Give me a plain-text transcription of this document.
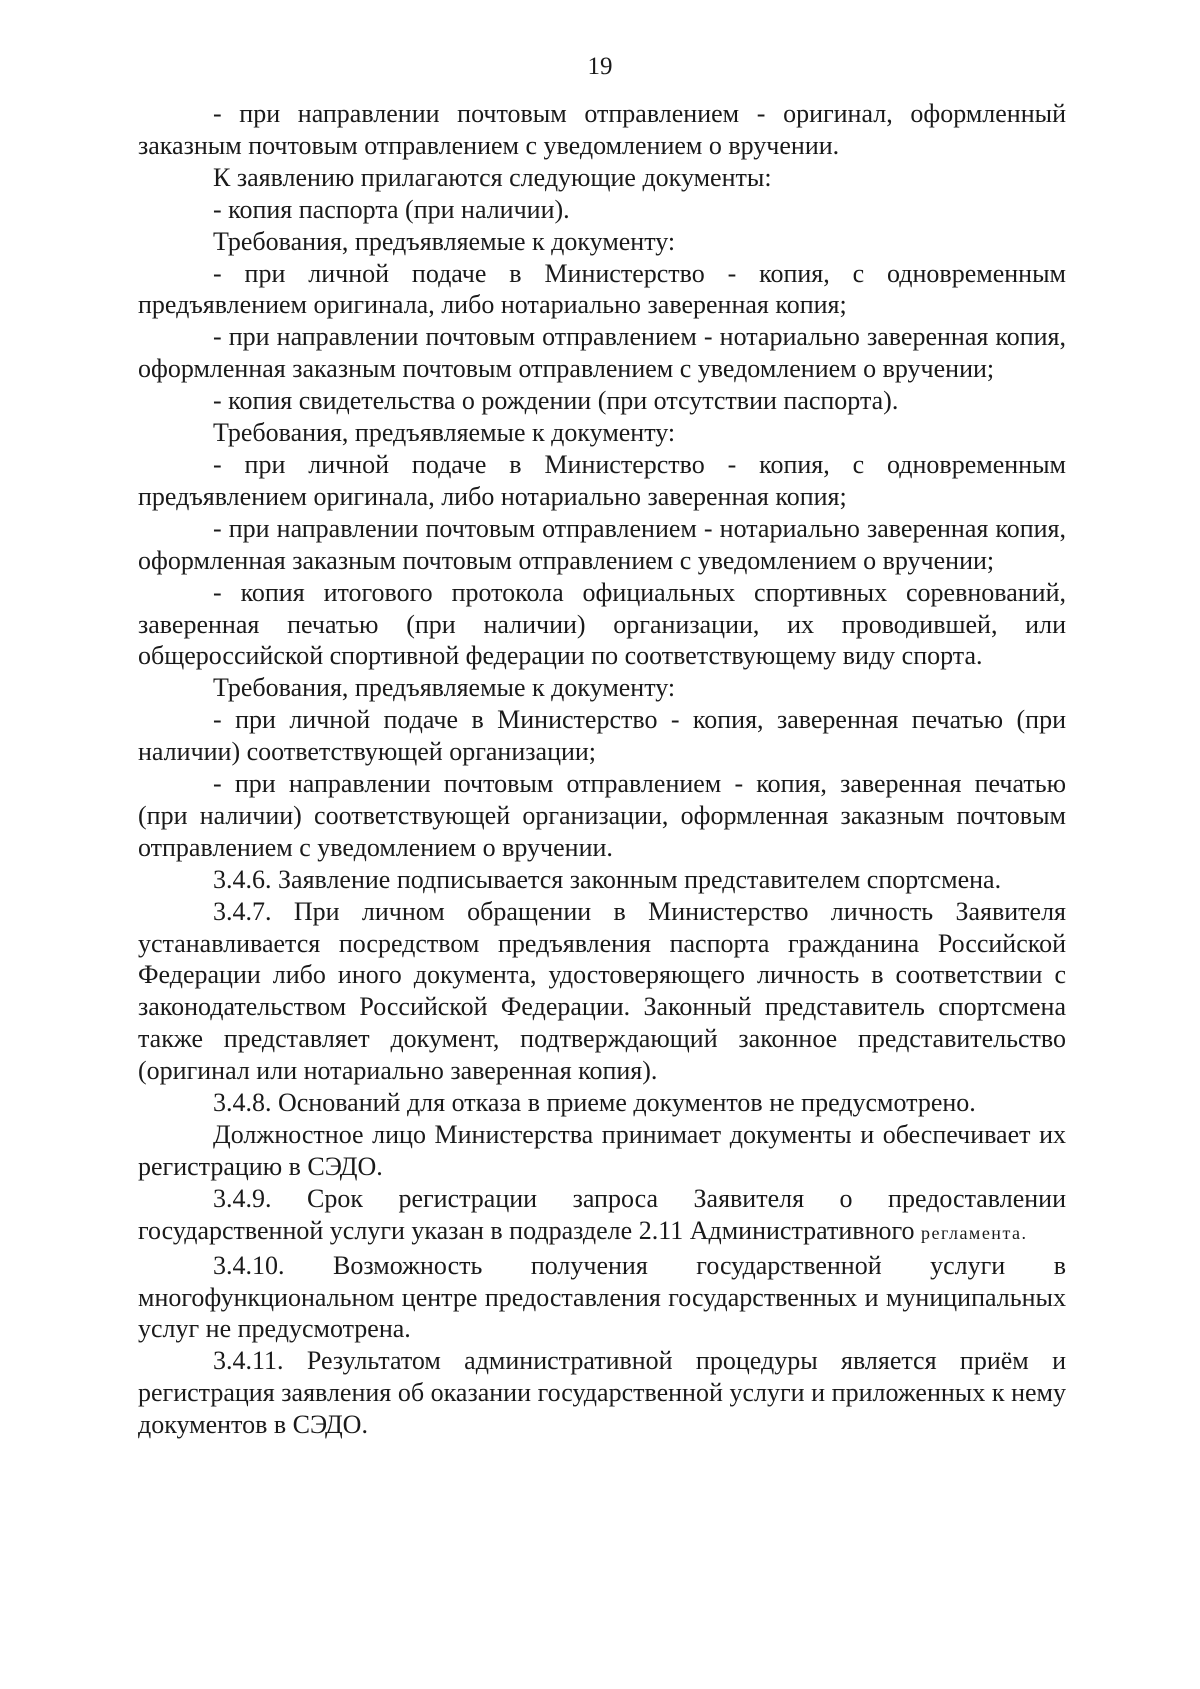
19

- при направлении почтовым отправлением - оригинал, оформленный заказным почтовым отправлением с уведомлением о вручении.

К заявлению прилагаются следующие документы:

- копия паспорта (при наличии).

Требования, предъявляемые к документу:

- при личной подаче в Министерство - копия, с одновременным предъявлением оригинала, либо нотариально заверенная копия;

- при направлении почтовым отправлением - нотариально заверенная копия, оформленная заказным почтовым отправлением с уведомлением о вручении;

- копия свидетельства о рождении (при отсутствии паспорта).

Требования, предъявляемые к документу:

- при личной подаче в Министерство - копия, с одновременным предъявлением оригинала, либо нотариально заверенная копия;

- при направлении почтовым отправлением - нотариально заверенная копия, оформленная заказным почтовым отправлением с уведомлением о вручении;

- копия итогового протокола официальных спортивных соревнований, заверенная печатью (при наличии) организации, их проводившей, или общероссийской спортивной федерации по соответствующему виду спорта.

Требования, предъявляемые к документу:

- при личной подаче в Министерство - копия, заверенная печатью (при наличии) соответствующей организации;

- при направлении почтовым отправлением - копия, заверенная печатью (при наличии) соответствующей организации, оформленная заказным почтовым отправлением с уведомлением о вручении.

3.4.6. Заявление подписывается законным представителем спортсмена.

3.4.7. При личном обращении в Министерство личность Заявителя устанавливается посредством предъявления паспорта гражданина Российской Федерации либо иного документа, удостоверяющего личность в соответствии с законодательством Российской Федерации. Законный представитель спортсмена также представляет документ, подтверждающий законное представительство (оригинал или нотариально заверенная копия).

3.4.8. Оснований для отказа в приеме документов не предусмотрено.

Должностное лицо Министерства принимает документы и обеспечивает их регистрацию в СЭДО.

3.4.9. Срок регистрации запроса Заявителя о предоставлении государственной услуги указан в подразделе 2.11 Административного регламента.

3.4.10. Возможность получения государственной услуги в многофункциональном центре предоставления государственных и муниципальных услуг не предусмотрена.

3.4.11. Результатом административной процедуры является приём и регистрация заявления об оказании государственной услуги и приложенных к нему документов в СЭДО.
